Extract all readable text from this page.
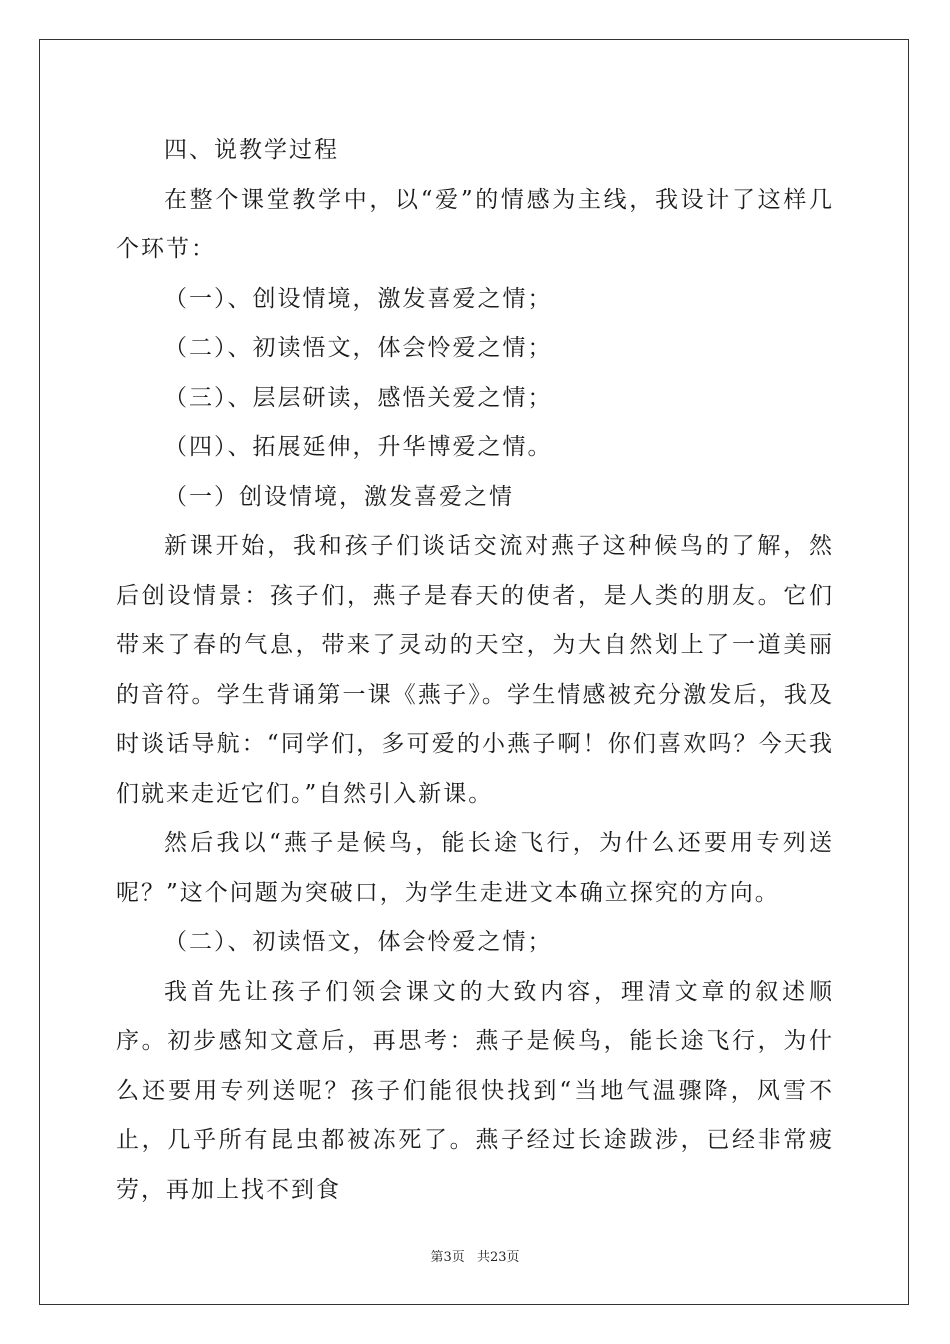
四、说教学过程

在整个课堂教学中，以“爱”的情感为主线，我设计了这样几个环节：

（一）、创设情境，激发喜爱之情；

（二）、初读悟文，体会怜爱之情；

（三）、层层研读，感悟关爱之情；

（四）、拓展延伸，升华博爱之情。

（一）创设情境，激发喜爱之情

新课开始，我和孩子们谈话交流对燕子这种候鸟的了解，然后创设情景：孩子们，燕子是春天的使者，是人类的朋友。它们带来了春的气息，带来了灵动的天空，为大自然划上了一道美丽的音符。学生背诵第一课《燕子》。学生情感被充分激发后，我及时谈话导航：“同学们，多可爱的小燕子啊！你们喜欢吗？今天我们就来走近它们。”自然引入新课。

然后我以“燕子是候鸟，能长途飞行，为什么还要用专列送呢？”这个问题为突破口，为学生走进文本确立探究的方向。

（二）、初读悟文，体会怜爱之情；

我首先让孩子们领会课文的大致内容，理清文章的叙述顺序。初步感知文意后，再思考：燕子是候鸟，能长途飞行，为什么还要用专列送呢？孩子们能很快找到“当地气温骤降，风雪不止，几乎所有昆虫都被冻死了。燕子经过长途跋涉，已经非常疲劳，再加上找不到食

第3页 共23页
